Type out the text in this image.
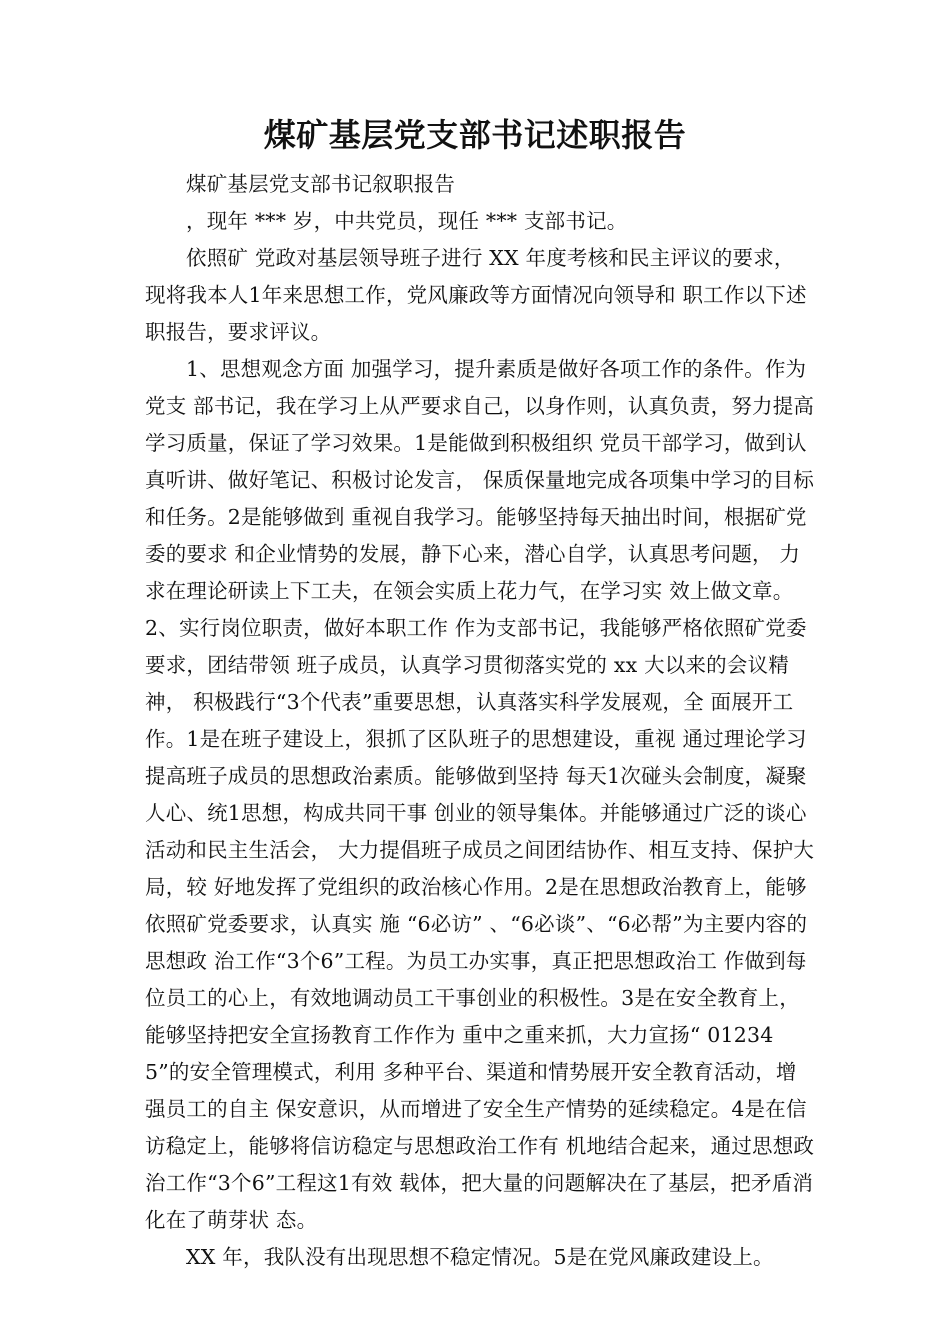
煤矿基层党支部书记述职报告

煤矿基层党支部书记叙职报告

，现年 *** 岁，中共党员，现任 *** 支部书记。

依照矿 党政对基层领导班子进行 XX 年度考核和民主评议的要求， 现将我本人1年来思想工作，党风廉政等方面情况向领导和 职工作以下述职报告，要求评议。

1、思想观念方面 加强学习，提升素质是做好各项工作的条件。作为党支 部书记，我在学习上从严要求自己，以身作则，认真负责，努力提高学习质量，保证了学习效果。1是能做到积极组织 党员干部学习，做到认真听讲、做好笔记、积极讨论发言， 保质保量地完成各项集中学习的目标和任务。2是能够做到 重视自我学习。能够坚持每天抽出时间，根据矿党委的要求 和企业情势的发展，静下心来，潜心自学，认真思考问题， 力求在理论研读上下工夫，在领会实质上花力气，在学习实 效上做文章。2、实行岗位职责，做好本职工作 作为支部书记，我能够严格依照矿党委要求，团结带领 班子成员，认真学习贯彻落实党的 xx 大以来的会议精神， 积极践行“3个代表”重要思想，认真落实科学发展观，全 面展开工作。1是在班子建设上，狠抓了区队班子的思想建设，重视 通过理论学习提高班子成员的思想政治素质。能够做到坚持 每天1次碰头会制度，凝聚人心、统1思想，构成共同干事 创业的领导集体。并能够通过广泛的谈心活动和民主生活会， 大力提倡班子成员之间团结协作、相互支持、保护大局，较 好地发挥了党组织的政治核心作用。2是在思想政治教育上，能够依照矿党委要求，认真实 施 “6必访” 、“6必谈”、“6必帮”为主要内容的思想政 治工作“3个6”工程。为员工办实事，真正把思想政治工 作做到每位员工的心上，有效地调动员工干事创业的积极性。3是在安全教育上，能够坚持把安全宣扬教育工作作为 重中之重来抓，大力宣扬“ 012345”的安全管理模式，利用 多种平台、渠道和情势展开安全教育活动，增强员工的自主 保安意识，从而增进了安全生产情势的延续稳定。4是在信访稳定上，能够将信访稳定与思想政治工作有 机地结合起来，通过思想政治工作“3个6”工程这1有效 载体，把大量的问题解决在了基层，把矛盾消化在了萌芽状 态。

XX 年，我队没有出现思想不稳定情况。5是在党风廉政建设上。
